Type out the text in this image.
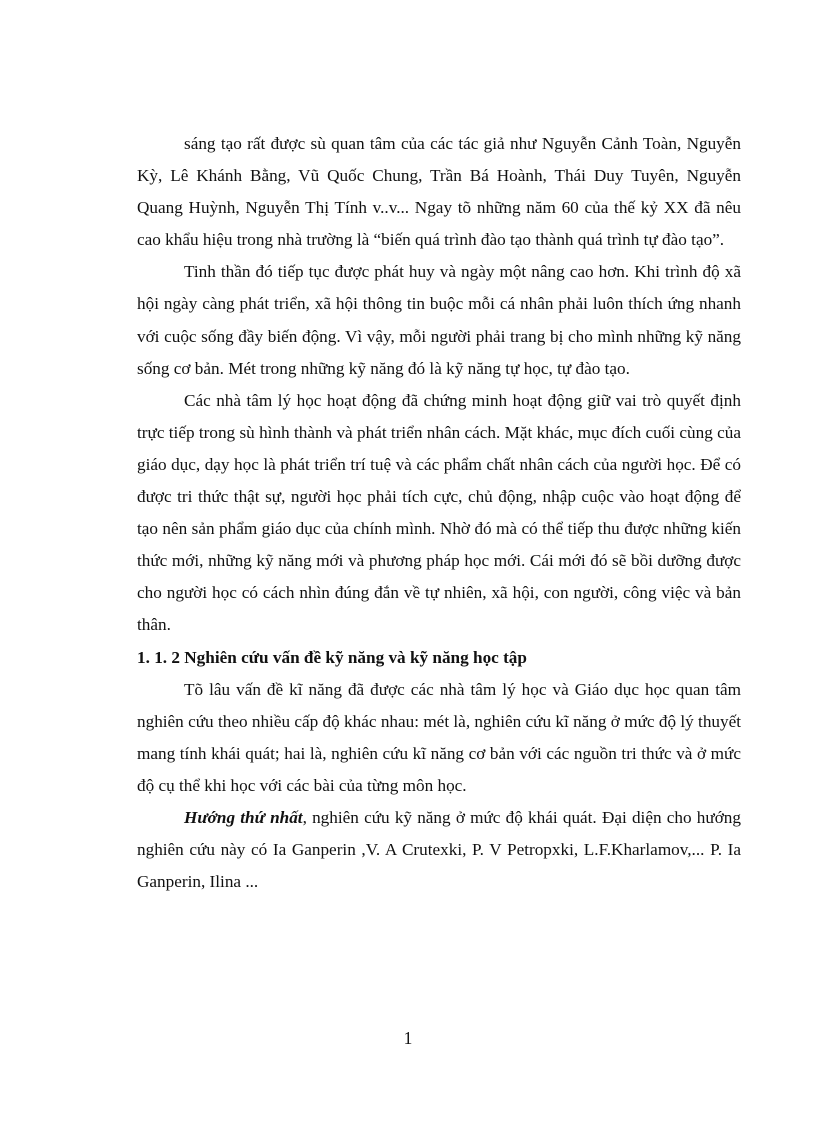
sáng tạo rất được sù quan tâm của các tác giả như Nguyễn Cảnh Toàn, Nguyễn Kỳ, Lê Khánh Bằng, Vũ Quốc Chung, Trần Bá Hoành, Thái Duy Tuyên, Nguyễn Quang Huỳnh, Nguyễn Thị Tính v..v... Ngay tõ những năm 60 của thế kỷ XX đã nêu cao khẩu hiệu trong nhà trường là “biến quá trình đào tạo thành quá trình tự đào tạo”.

Tinh thần đó tiếp tục được phát huy và ngày một nâng cao hơn. Khi trình độ xã hội ngày càng phát triển, xã hội thông tin buộc mỗi cá nhân phải luôn thích ứng nhanh với cuộc sống đầy biến động. Vì vậy, mỗi người phải trang bị cho mình những kỹ năng sống cơ bản. Mét trong những kỹ năng đó là kỹ năng tự học, tự đào tạo.

Các nhà tâm lý học hoạt động đã chứng minh hoạt động giữ vai trò quyết định trực tiếp trong sù hình thành và phát triển nhân cách. Mặt khác, mục đích cuối cùng của giáo dục, dạy học là phát triển trí tuệ và các phẩm chất nhân cách của người học. Để có được tri thức thật sự, người học phải tích cực, chủ động, nhập cuộc vào hoạt động để tạo nên sản phẩm giáo dục của chính mình. Nhờ đó mà có thể tiếp thu được những kiến thức mới, những kỹ năng mới và phương pháp học mới. Cái mới đó sẽ bồi dưỡng được cho người học có cách nhìn đúng đắn về tự nhiên, xã hội, con người, công việc và bản thân.

1. 1. 2 Nghiên cứu vấn đề kỹ năng và kỹ năng học tập

Tõ lâu vấn đề kĩ năng đã được các nhà tâm lý học và Giáo dục học quan tâm nghiên cứu theo nhiều cấp độ khác nhau: mét là, nghiên cứu kĩ năng ở mức độ lý thuyết mang tính khái quát; hai là, nghiên cứu kĩ năng cơ bản với các nguồn tri thức và ở mức độ cụ thể khi học với các bài của từng môn học.

Hướng thứ nhất, nghiên cứu kỹ năng ở mức độ khái quát. Đại diện cho hướng nghiên cứu này có Ia Ganperin ,V. A Crutexki, P. V Petropxki, L.F.Kharlamov,... P. Ia Ganperin, Ilina ...

1
